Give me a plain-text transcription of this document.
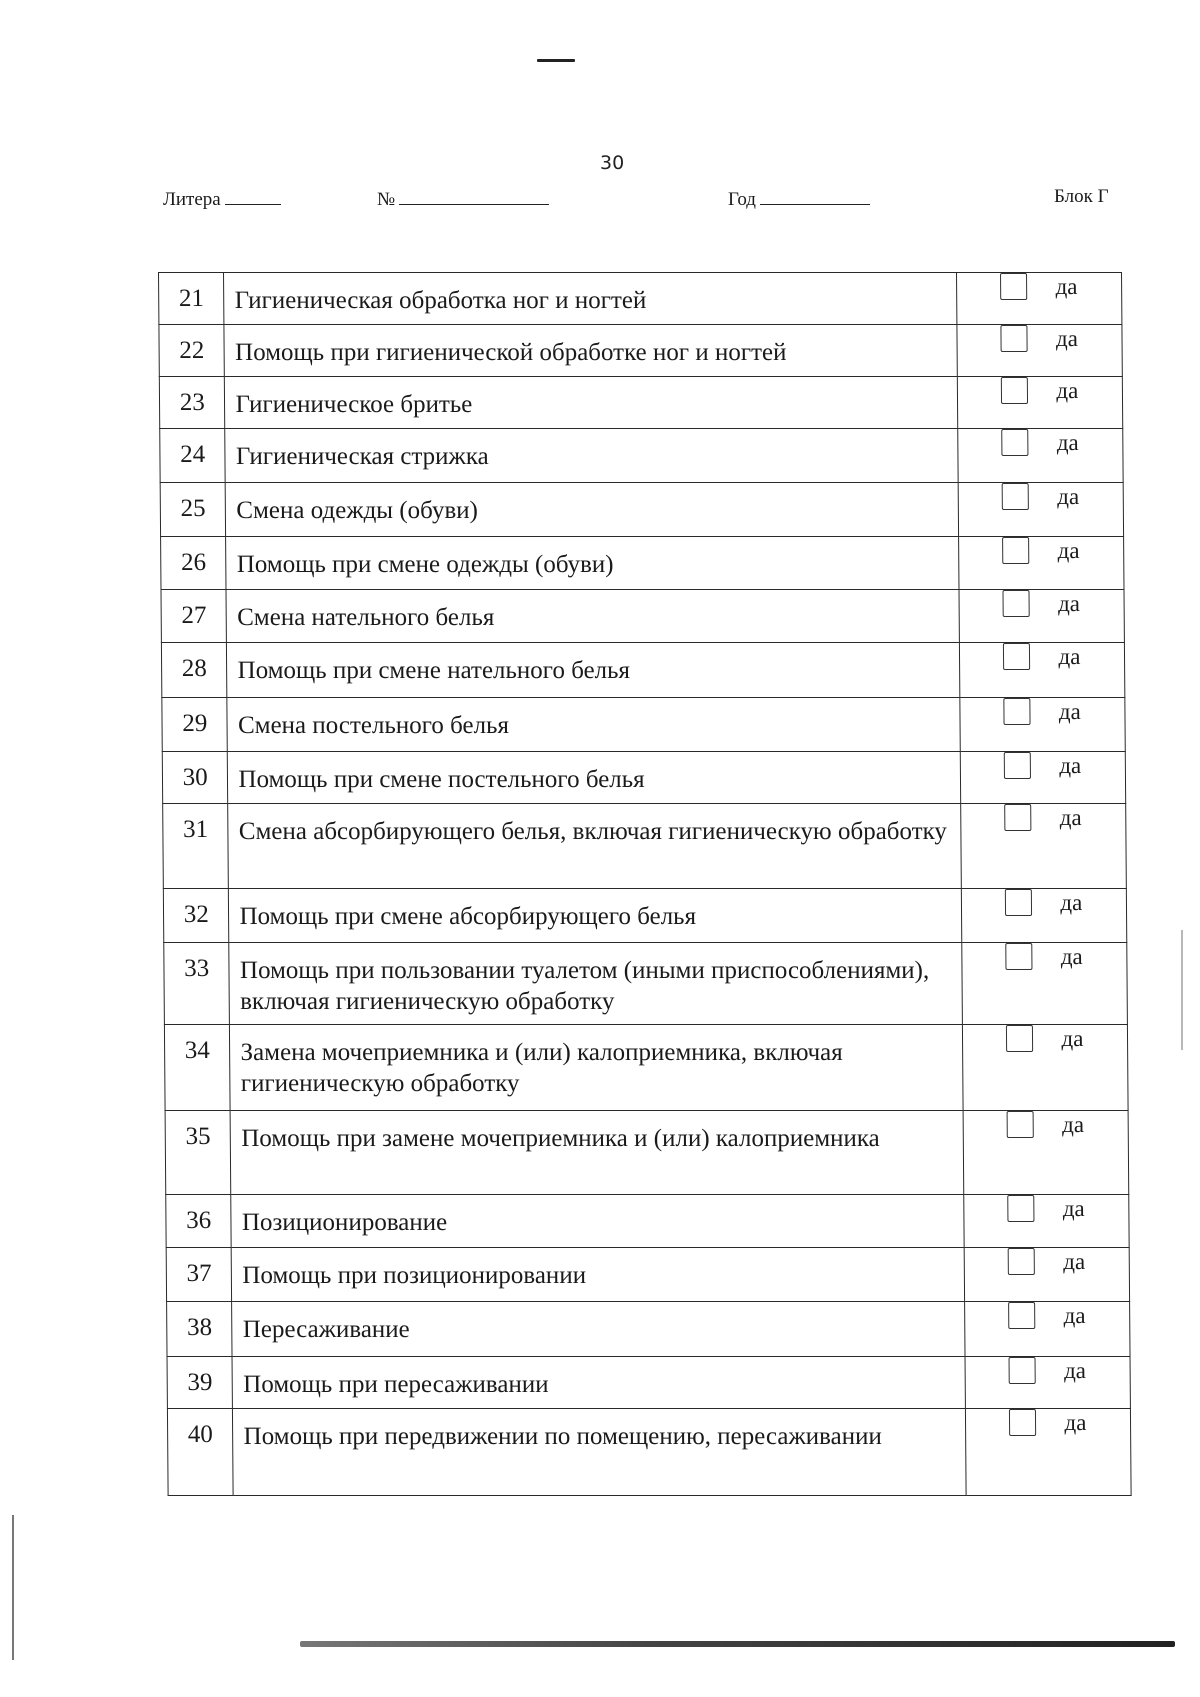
30
Литера	№	Год	Блок Г
21	Гигиеническая обработка ног и ногтей	да

22	Помощь при гигиенической обработке ног и ногтей	да

23	Гигиеническое бритье	да

24	Гигиеническая стрижка	да

25	Смена одежды (обуви)	да

26	Помощь при смене одежды (обуви)	да

27	Смена нательного белья	да

28	Помощь при смене нательного белья	да

29	Смена постельного белья	да

30	Помощь при смене постельного белья	да

31	Смена абсорбирующего белья, включая гигиеническую обработку	да

32	Помощь при смене абсорбирующего белья	да

33	Помощь при пользовании туалетом (иными приспособлениями), включая гигиеническую обработку	да

34	Замена мочеприемника и (или) калоприемника, включая гигиеническую обработку	да

35	Помощь при замене мочеприемника и (или) калоприемника	да

36	Позиционирование	да

37	Помощь при позиционировании	да

38	Пересаживание	да

39	Помощь при пересаживании	да

40	Помощь при передвижении по помещению, пересаживании	да
